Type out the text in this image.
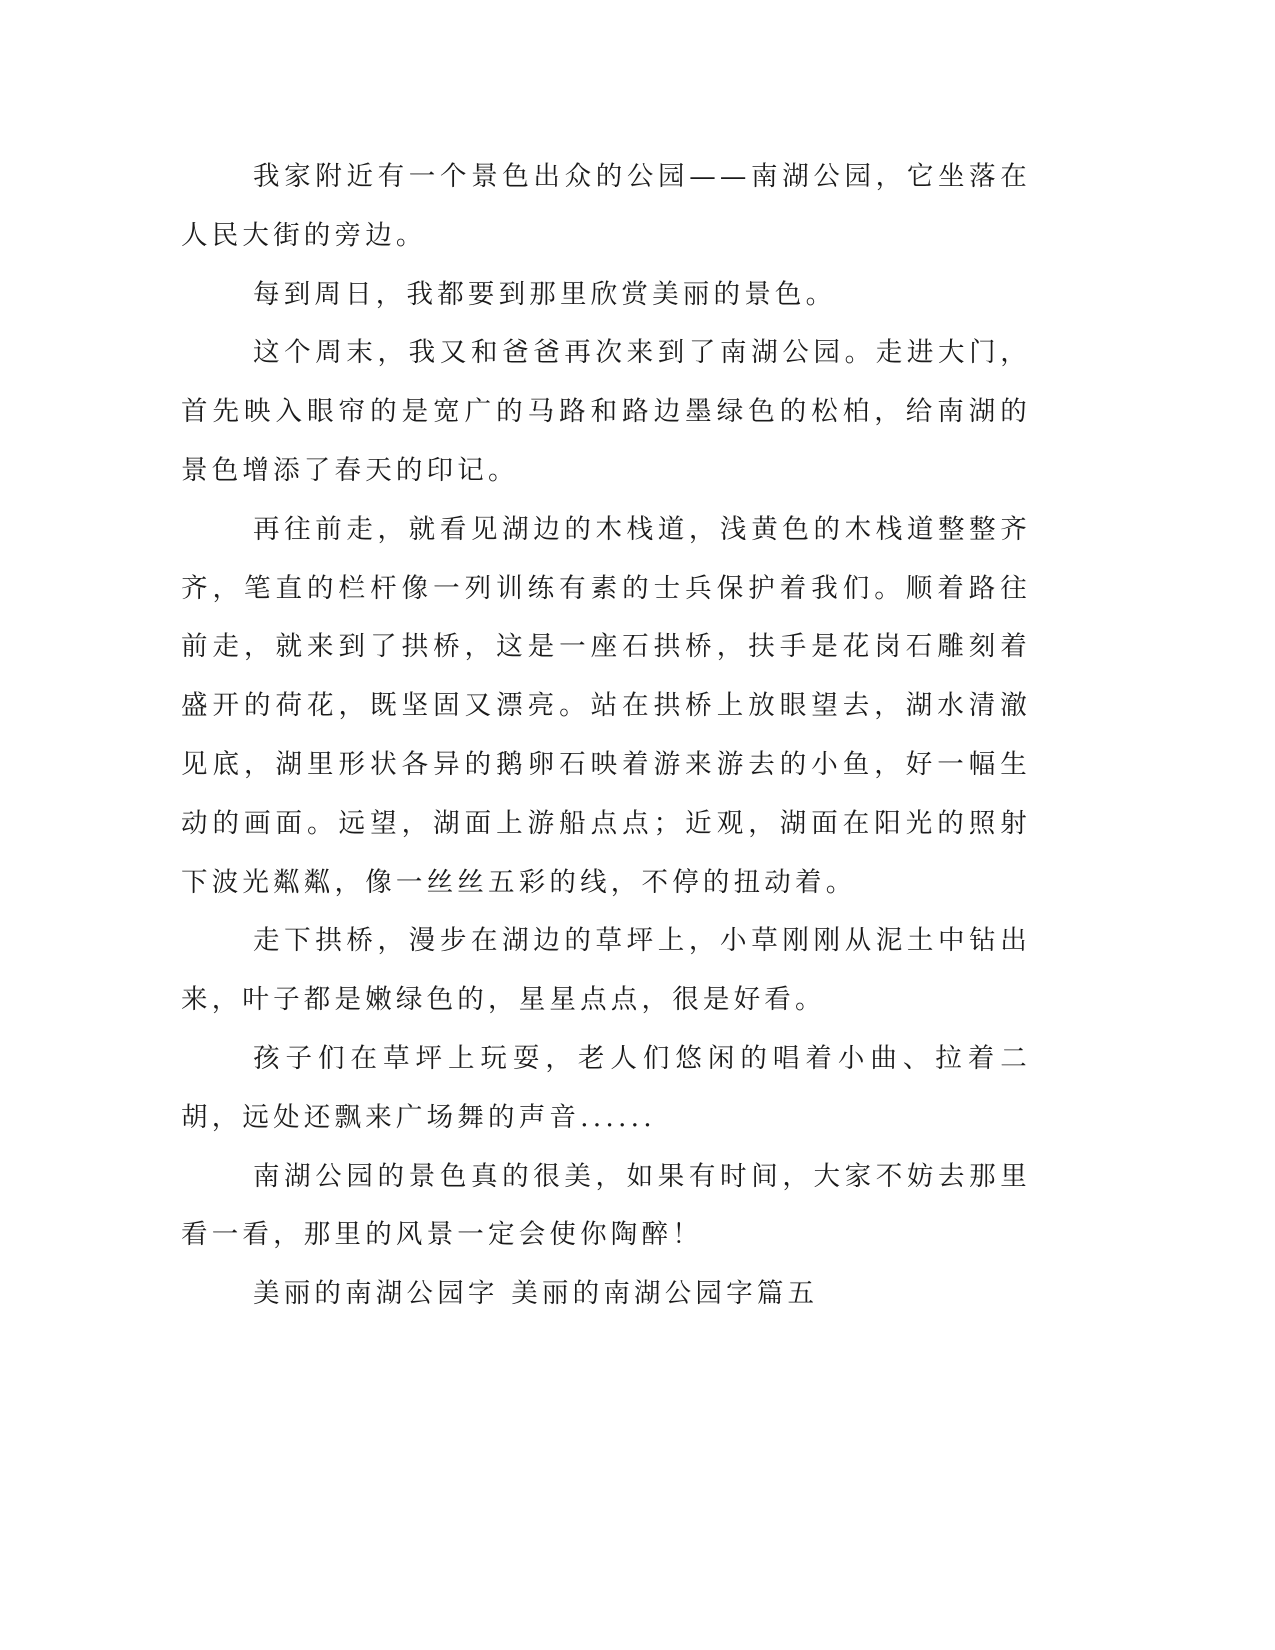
我家附近有一个景色出众的公园——南湖公园，它坐落在人民大街的旁边。

每到周日，我都要到那里欣赏美丽的景色。

这个周末，我又和爸爸再次来到了南湖公园。走进大门，首先映入眼帘的是宽广的马路和路边墨绿色的松柏，给南湖的景色增添了春天的印记。

再往前走，就看见湖边的木栈道，浅黄色的木栈道整整齐齐，笔直的栏杆像一列训练有素的士兵保护着我们。顺着路往前走，就来到了拱桥，这是一座石拱桥，扶手是花岗石雕刻着盛开的荷花，既坚固又漂亮。站在拱桥上放眼望去，湖水清澈见底，湖里形状各异的鹅卵石映着游来游去的小鱼，好一幅生动的画面。远望，湖面上游船点点；近观，湖面在阳光的照射下波光粼粼，像一丝丝五彩的线，不停的扭动着。

走下拱桥，漫步在湖边的草坪上，小草刚刚从泥土中钻出来，叶子都是嫩绿色的，星星点点，很是好看。

孩子们在草坪上玩耍，老人们悠闲的唱着小曲、拉着二胡，远处还飘来广场舞的声音......

南湖公园的景色真的很美，如果有时间，大家不妨去那里看一看，那里的风景一定会使你陶醉！

美丽的南湖公园字 美丽的南湖公园字篇五
